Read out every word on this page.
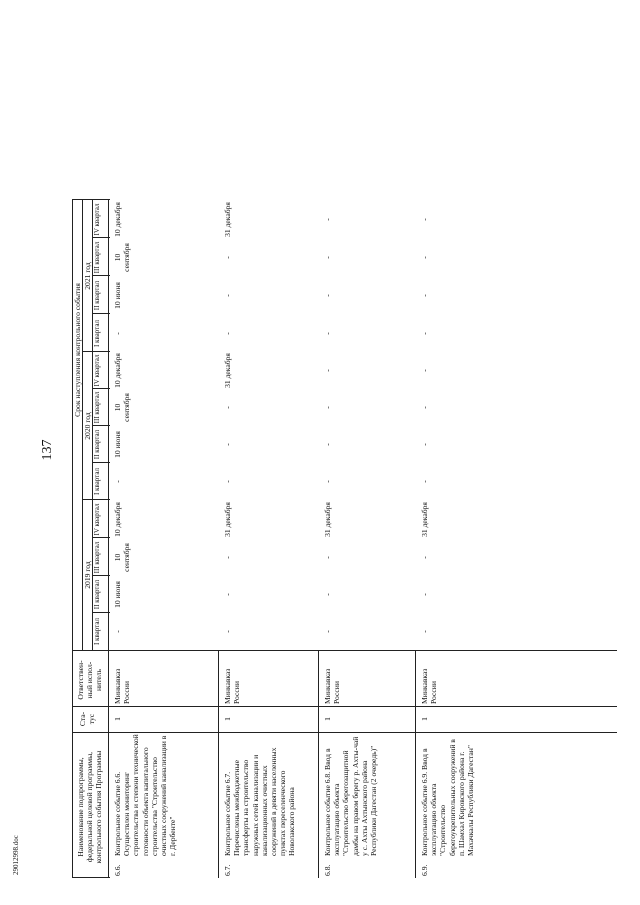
137
29012998.doc	Наименование подпрограммы, федеральной целевой программы, контрольного события Программы
Ста-тус
Ответствен-ный испол-нитель
Срок наступления контрольного события
2019 год
2020 год
2021 год
I квартал
II квартал
III квартал
IV квартал
I квартал
II квартал
III квартал
IV квартал
I квартал
II квартал
III квартал
IV квартал
6.6.
Контрольное событие 6.6. Осуществлен мониторинг строительства и степени технической готовности объекта капитального строительства "Строительство очистных сооружений канализации в г. Дербенте"
1
Минкавказ России
-
10 июня
10 сентября
10 декабря
-
10 июня
10 сентября
10 декабря
-
10 июня
10 сентября
10 декабря
6.7.
Контрольное событие 6.7. Перечислены межбюджетные трансферты на строительство наружных сетей канализации и канализационных очистных сооружений в девяти населенных пунктах переселенческого Новолакского района
1
Минкавказ России
-
-
-
31 декабря
-
-
-
31 декабря
-
-
-
31 декабря
6.8.
Контрольное событие 6.8. Ввод в эксплуатацию объекта "Строительство берегозащитной дамбы на правом берегу р. Ахты-чай у с. Ахты Ахтынского района Республики Дагестан (2 очередь)"
1
Минкавказ России
-
-
-
31 декабря
-
-
-
-
-
-
-
-
6.9.
Контрольное событие 6.9. Ввод в эксплуатацию объекта "Строительство берегоукрепительных сооружений в п. Шамхал Кировского района г. Махачкалы Республики Дагестан"
1
Минкавказ России
-
-
-
31 декабря
-
-
-
-
-
-
-
-
